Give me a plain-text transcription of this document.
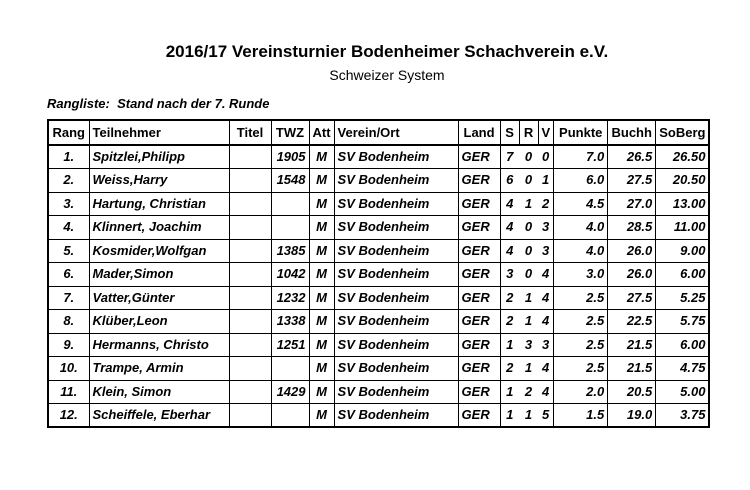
2016/17 Vereinsturnier Bodenheimer Schachverein e.V.
Schweizer System
Rangliste:  Stand nach der 7. Runde
Rang	Teilnehmer	Titel	TWZ	Att	Verein/Ort	Land	S	R	V	Punkte	Buchh	SoBerg
1.	Spitzlei,Philipp		1905	M	SV Bodenheim	GER	7	0	0	7.0	26.5	26.50
2.	Weiss,Harry		1548	M	SV Bodenheim	GER	6	0	1	6.0	27.5	20.50
3.	Hartung, Christian			M	SV Bodenheim	GER	4	1	2	4.5	27.0	13.00
4.	Klinnert, Joachim			M	SV Bodenheim	GER	4	0	3	4.0	28.5	11.00
5.	Kosmider,Wolfgan		1385	M	SV Bodenheim	GER	4	0	3	4.0	26.0	9.00
6.	Mader,Simon		1042	M	SV Bodenheim	GER	3	0	4	3.0	26.0	6.00
7.	Vatter,Günter		1232	M	SV Bodenheim	GER	2	1	4	2.5	27.5	5.25
8.	Klüber,Leon		1338	M	SV Bodenheim	GER	2	1	4	2.5	22.5	5.75
9.	Hermanns, Christo		1251	M	SV Bodenheim	GER	1	3	3	2.5	21.5	6.00
10.	Trampe, Armin			M	SV Bodenheim	GER	2	1	4	2.5	21.5	4.75
11.	Klein, Simon		1429	M	SV Bodenheim	GER	1	2	4	2.0	20.5	5.00
12.	Scheiffele, Eberhar			M	SV Bodenheim	GER	1	1	5	1.5	19.0	3.75
